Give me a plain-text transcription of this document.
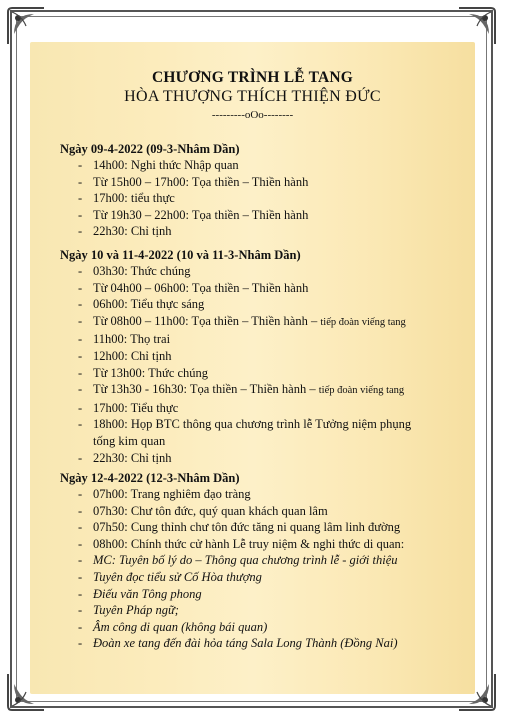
CHƯƠNG TRÌNH LỄ TANG
HÒA THƯỢNG THÍCH THIỆN ĐỨC
---------oOo--------
Ngày 09-4-2022 (09-3-Nhâm Dần)
- 14h00: Nghi thức Nhập quan
- Từ 15h00 – 17h00: Tọa thiền – Thiền hành
- 17h00: tiểu thực
- Từ 19h30 – 22h00: Tọa thiền – Thiền hành
- 22h30: Chỉ tịnh
Ngày 10 và 11-4-2022 (10 và 11-3-Nhâm Dần)
- 03h30: Thức chúng
- Từ 04h00 – 06h00: Tọa thiền – Thiền hành
- 06h00: Tiểu thực sáng
- Từ 08h00 – 11h00: Tọa thiền – Thiền hành – tiếp đoàn viếng tang
- 11h00: Thọ trai
- 12h00: Chỉ tịnh
- Từ 13h00: Thức chúng
- Từ 13h30 - 16h30: Tọa thiền – Thiền hành – tiếp đoàn viếng tang
- 17h00: Tiểu thực
- 18h00: Họp BTC thông qua chương trình lễ Tưởng niệm phụng
tống kim quan
- 22h30: Chỉ tịnh
Ngày 12-4-2022 (12-3-Nhâm Dần)
- 07h00: Trang nghiêm đạo tràng
- 07h30: Chư tôn đức, quý quan khách quan lâm
- 07h50: Cung thỉnh chư tôn đức tăng ni quang lâm linh đường
- 08h00: Chính thức cử hành Lễ truy niệm & nghi thức di quan:
- MC: Tuyên bố lý do – Thông qua chương trình lễ - giới thiệu
- Tuyên đọc tiểu sử Cố Hòa thượng
- Điếu văn Tông phong
- Tuyên Pháp ngữ;
- Âm công di quan (không bái quan)
- Đoàn xe tang đến đài hỏa táng Sala Long Thành (Đồng Nai)
